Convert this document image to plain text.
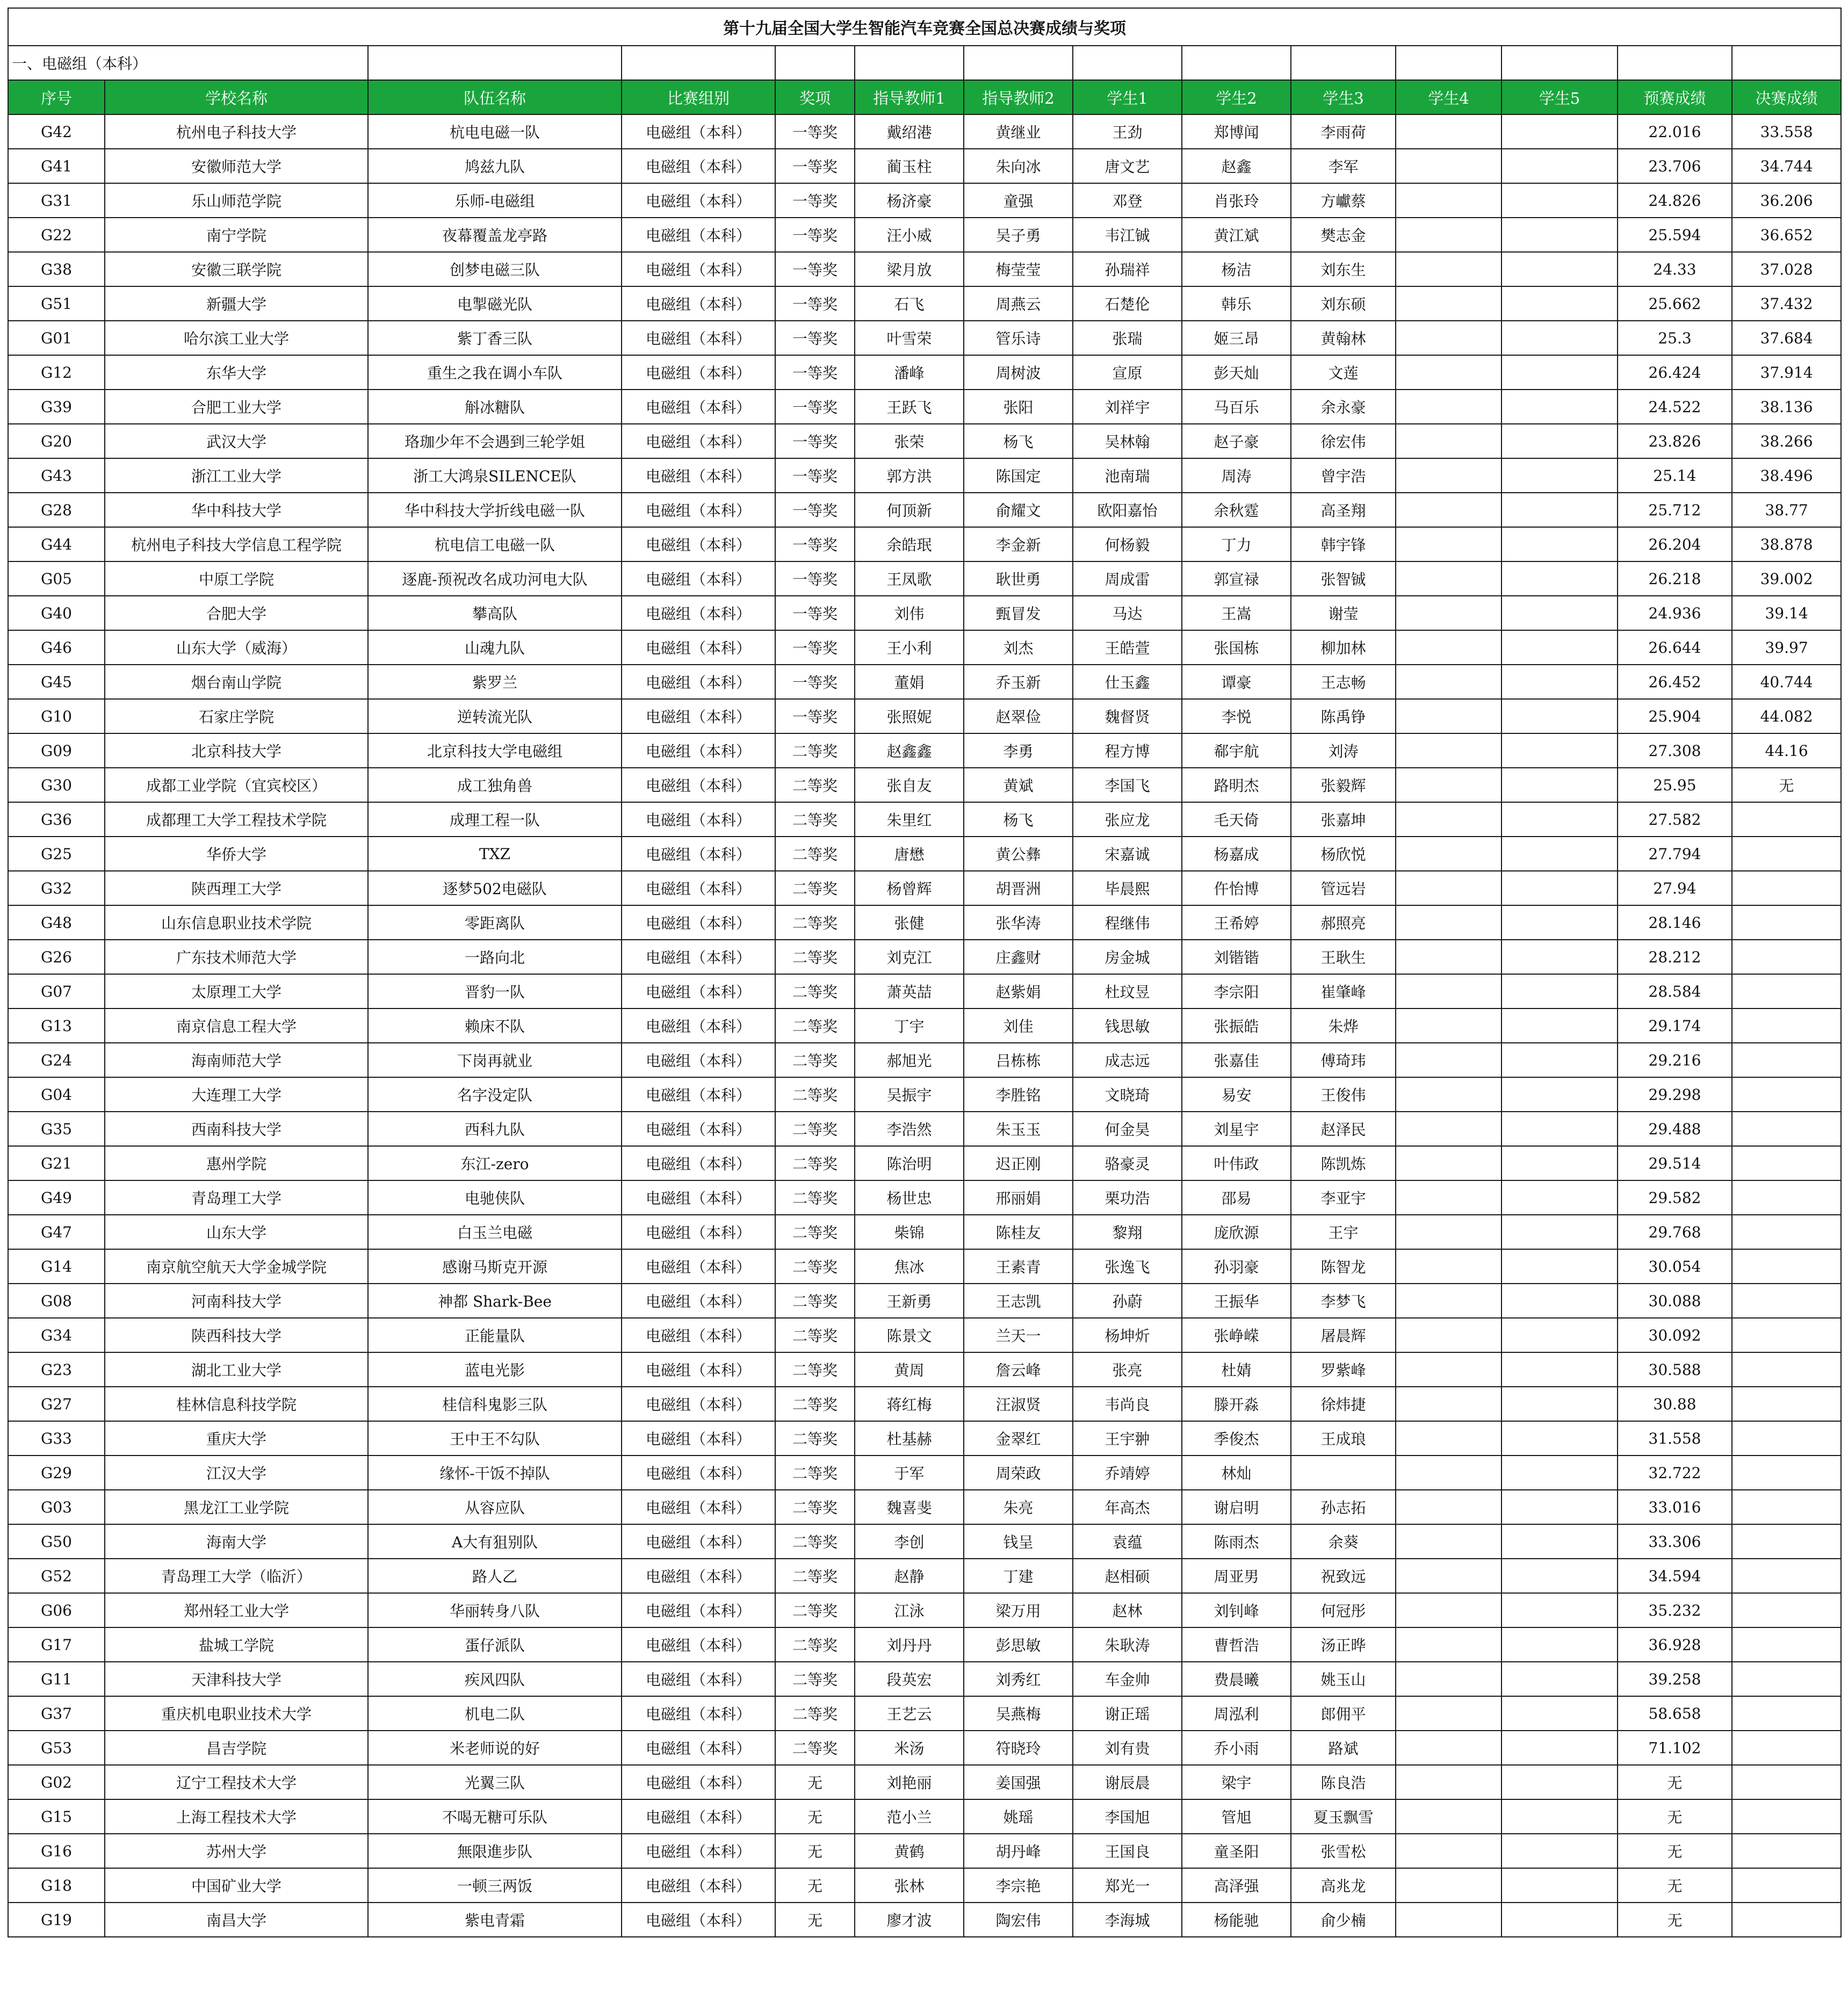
第十九届全国大学生智能汽车竞赛全国总决赛成绩与奖项													
一、电磁组（本科）													
序号	学校名称	队伍名称	比赛组别	奖项	指导教师1	指导教师2	学生1	学生2	学生3	学生4	学生5	预赛成绩	决赛成绩
G42	杭州电子科技大学	杭电电磁一队	电磁组（本科）	一等奖	戴绍港	黄继业	王劲	郑博闻	李雨荷			22.016	33.558
G41	安徽师范大学	鸠兹九队	电磁组（本科）	一等奖	蔺玉柱	朱向冰	唐文艺	赵鑫	李军			23.706	34.744
G31	乐山师范学院	乐师-电磁组	电磁组（本科）	一等奖	杨济豪	童强	邓登	肖张玲	方巘蔡			24.826	36.206
G22	南宁学院	夜幕覆盖龙亭路	电磁组（本科）	一等奖	汪小威	吴子勇	韦江铖	黄江斌	樊志金			25.594	36.652
G38	安徽三联学院	创梦电磁三队	电磁组（本科）	一等奖	梁月放	梅莹莹	孙瑞祥	杨洁	刘东生			24.33	37.028
G51	新疆大学	电掣磁光队	电磁组（本科）	一等奖	石飞	周燕云	石楚伦	韩乐	刘东硕			25.662	37.432
G01	哈尔滨工业大学	紫丁香三队	电磁组（本科）	一等奖	叶雪荣	管乐诗	张瑞	姬三昂	黄翰林			25.3	37.684
G12	东华大学	重生之我在调小车队	电磁组（本科）	一等奖	潘峰	周树波	宣原	彭天灿	文莲			26.424	37.914
G39	合肥工业大学	斛冰糖队	电磁组（本科）	一等奖	王跃飞	张阳	刘祥宇	马百乐	余永豪			24.522	38.136
G20	武汉大学	珞珈少年不会遇到三轮学姐	电磁组（本科）	一等奖	张荣	杨飞	吴林翰	赵子豪	徐宏伟			23.826	38.266
G43	浙江工业大学	浙工大鸿泉SILENCE队	电磁组（本科）	一等奖	郭方洪	陈国定	池南瑞	周涛	曾宇浩			25.14	38.496
G28	华中科技大学	华中科技大学折线电磁一队	电磁组（本科）	一等奖	何顶新	俞耀文	欧阳嘉怡	余秋霆	高圣翔			25.712	38.77
G44	杭州电子科技大学信息工程学院	杭电信工电磁一队	电磁组（本科）	一等奖	余皓珉	李金新	何杨毅	丁力	韩宇锋			26.204	38.878
G05	中原工学院	逐鹿-预祝改名成功河电大队	电磁组（本科）	一等奖	王凤歌	耿世勇	周成雷	郭宣禄	张智铖			26.218	39.002
G40	合肥大学	攀高队	电磁组（本科）	一等奖	刘伟	甄冒发	马达	王嵩	谢莹			24.936	39.14
G46	山东大学（威海）	山魂九队	电磁组（本科）	一等奖	王小利	刘杰	王皓萱	张国栋	柳加林			26.644	39.97
G45	烟台南山学院	紫罗兰	电磁组（本科）	一等奖	董娟	乔玉新	仕玉鑫	谭豪	王志畅			26.452	40.744
G10	石家庄学院	逆转流光队	电磁组（本科）	一等奖	张照妮	赵翠俭	魏督贤	李悦	陈禹铮			25.904	44.082
G09	北京科技大学	北京科技大学电磁组	电磁组（本科）	二等奖	赵鑫鑫	李勇	程方博	郗宇航	刘涛			27.308	44.16
G30	成都工业学院（宜宾校区）	成工独角兽	电磁组（本科）	二等奖	张自友	黄斌	李国飞	路明杰	张毅辉			25.95	无
G36	成都理工大学工程技术学院	成理工程一队	电磁组（本科）	二等奖	朱里红	杨飞	张应龙	毛天倚	张嘉坤			27.582	
G25	华侨大学	TXZ	电磁组（本科）	二等奖	唐懋	黄公彝	宋嘉诚	杨嘉成	杨欣悦			27.794	
G32	陕西理工大学	逐梦502电磁队	电磁组（本科）	二等奖	杨曾辉	胡晋洲	毕晨熙	仵怡博	管远岩			27.94	
G48	山东信息职业技术学院	零距离队	电磁组（本科）	二等奖	张健	张华涛	程继伟	王希婷	郝照亮			28.146	
G26	广东技术师范大学	一路向北	电磁组（本科）	二等奖	刘克江	庄鑫财	房金城	刘锴锴	王耿生			28.212	
G07	太原理工大学	晋豹一队	电磁组（本科）	二等奖	萧英喆	赵紫娟	杜玟昱	李宗阳	崔肇峰			28.584	
G13	南京信息工程大学	赖床不队	电磁组（本科）	二等奖	丁宇	刘佳	钱思敏	张振皓	朱烨			29.174	
G24	海南师范大学	下岗再就业	电磁组（本科）	二等奖	郝旭光	吕栋栋	成志远	张嘉佳	傅琦玮			29.216	
G04	大连理工大学	名字没定队	电磁组（本科）	二等奖	吴振宇	李胜铭	文晓琦	易安	王俊伟			29.298	
G35	西南科技大学	西科九队	电磁组（本科）	二等奖	李浩然	朱玉玉	何金昊	刘星宇	赵泽民			29.488	
G21	惠州学院	东江-zero	电磁组（本科）	二等奖	陈治明	迟正刚	骆豪灵	叶伟政	陈凯炼			29.514	
G49	青岛理工大学	电驰侠队	电磁组（本科）	二等奖	杨世忠	邢丽娟	栗功浩	邵易	李亚宇			29.582	
G47	山东大学	白玉兰电磁	电磁组（本科）	二等奖	柴锦	陈桂友	黎翔	庞欣源	王宇			29.768	
G14	南京航空航天大学金城学院	感谢马斯克开源	电磁组（本科）	二等奖	焦冰	王素青	张逸飞	孙羽豪	陈智龙			30.054	
G08	河南科技大学	神都 Shark-Bee	电磁组（本科）	二等奖	王新勇	王志凯	孙蔚	王振华	李梦飞			30.088	
G34	陕西科技大学	正能量队	电磁组（本科）	二等奖	陈景文	兰天一	杨坤炘	张峥嵘	屠晨辉			30.092	
G23	湖北工业大学	蓝电光影	电磁组（本科）	二等奖	黄周	詹云峰	张亮	杜婧	罗紫峰			30.588	
G27	桂林信息科技学院	桂信科鬼影三队	电磁组（本科）	二等奖	蒋红梅	汪淑贤	韦尚良	滕开淼	徐炜捷			30.88	
G33	重庆大学	王中王不勾队	电磁组（本科）	二等奖	杜基赫	金翠红	王宇翀	季俊杰	王成琅			31.558	
G29	江汉大学	缘怀-干饭不掉队	电磁组（本科）	二等奖	于军	周荣政	乔靖婷	林灿				32.722	
G03	黑龙江工业学院	从容应队	电磁组（本科）	二等奖	魏喜斐	朱亮	年高杰	谢启明	孙志拓			33.016	
G50	海南大学	A大有狙别队	电磁组（本科）	二等奖	李创	钱呈	袁蕴	陈雨杰	余葵			33.306	
G52	青岛理工大学（临沂）	路人乙	电磁组（本科）	二等奖	赵静	丁建	赵相硕	周亚男	祝致远			34.594	
G06	郑州轻工业大学	华丽转身八队	电磁组（本科）	二等奖	江泳	梁万用	赵林	刘钊峰	何冠彤			35.232	
G17	盐城工学院	蛋仔派队	电磁组（本科）	二等奖	刘丹丹	彭思敏	朱耿涛	曹哲浩	汤正晔			36.928	
G11	天津科技大学	疾风四队	电磁组（本科）	二等奖	段英宏	刘秀红	车金帅	费晨曦	姚玉山			39.258	
G37	重庆机电职业技术大学	机电二队	电磁组（本科）	二等奖	王艺云	吴燕梅	谢正瑶	周泓利	郎佣平			58.658	
G53	昌吉学院	米老师说的好	电磁组（本科）	二等奖	米汤	符晓玲	刘有贵	乔小雨	路斌			71.102	
G02	辽宁工程技术大学	光翼三队	电磁组（本科）	无	刘艳丽	姜国强	谢辰晨	梁宇	陈良浩			无	
G15	上海工程技术大学	不喝无糖可乐队	电磁组（本科）	无	范小兰	姚瑶	李国旭	管旭	夏玉飘雪			无	
G16	苏州大学	無限進步队	电磁组（本科）	无	黄鹤	胡丹峰	王国良	童圣阳	张雪松			无	
G18	中国矿业大学	一顿三两饭	电磁组（本科）	无	张林	李宗艳	郑光一	高泽强	高兆龙			无	
G19	南昌大学	紫电青霜	电磁组（本科）	无	廖才波	陶宏伟	李海城	杨能驰	俞少楠			无	
